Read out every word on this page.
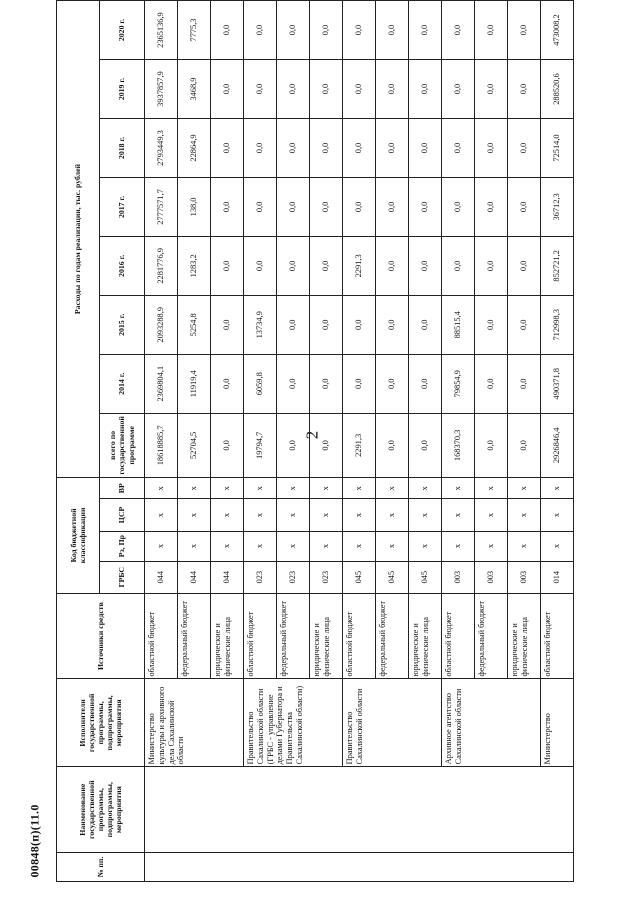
2
00848(п)(11.0	№ пп.	Наименование государственной программы, подпрограммы, мероприятия	Исполнители государственной программы, подпрограммы, мероприятия	Источники средств	Код бюджетной классификации				Расходы по годам реализации, тыс. рублей							
				ГРБС	Рз, Пр	ЦСР	ВР	всего по государственной программе	2014 г.	2015 г.	2016 г.	2017 г.	2018 г.	2019 г.	2020 г.
		Министерство культуры и архивного дела Сахалинской области	областной бюджет	044	x	x	x	18618885,7	2369804,1	2093288,9	2281776,9	2777571,7	2793449,3	3937857,9	2365136,9
			федеральный бюджет	044	x	x	x	52704,5	11919,4	5254,8	1283,2	138,0	22864,9	3468,9	7775,3
			юридические и физические лица	044	x	x	x	0,0	0,0	0,0	0,0	0,0	0,0	0,0	0,0
		Правительство Сахалинской области (ГРБС - управление делами Губернатора и Правительства Сахалинской области)	областной бюджет	023	x	x	x	19794,7	6059,8	13734,9	0,0	0,0	0,0	0,0	0,0
			федеральный бюджет	023	x	x	x	0,0	0,0	0,0	0,0	0,0	0,0	0,0	0,0
			юридические и физические лица	023	x	x	x	0,0	0,0	0,0	0,0	0,0	0,0	0,0	0,0
		Правительство Сахалинской области	областной бюджет	045	x	x	x	2291,3	0,0	0,0	2291,3	0,0	0,0	0,0	0,0
			федеральный бюджет	045	x	x	x	0,0	0,0	0,0	0,0	0,0	0,0	0,0	0,0
			юридические и физические лица	045	x	x	x	0,0	0,0	0,0	0,0	0,0	0,0	0,0	0,0
		Архивное агентство Сахалинской области	областной бюджет	003	x	x	x	168370,3	79854,9	88515,4	0,0	0,0	0,0	0,0	0,0
			федеральный бюджет	003	x	x	x	0,0	0,0	0,0	0,0	0,0	0,0	0,0	0,0
			юридические и физические лица	003	x	x	x	0,0	0,0	0,0	0,0	0,0	0,0	0,0	0,0
		Министерство	областной бюджет	014	x	x	x	2926846,4	490371,8	712998,3	852721,2	36712,3	72514,0	288520,6	473008,2
